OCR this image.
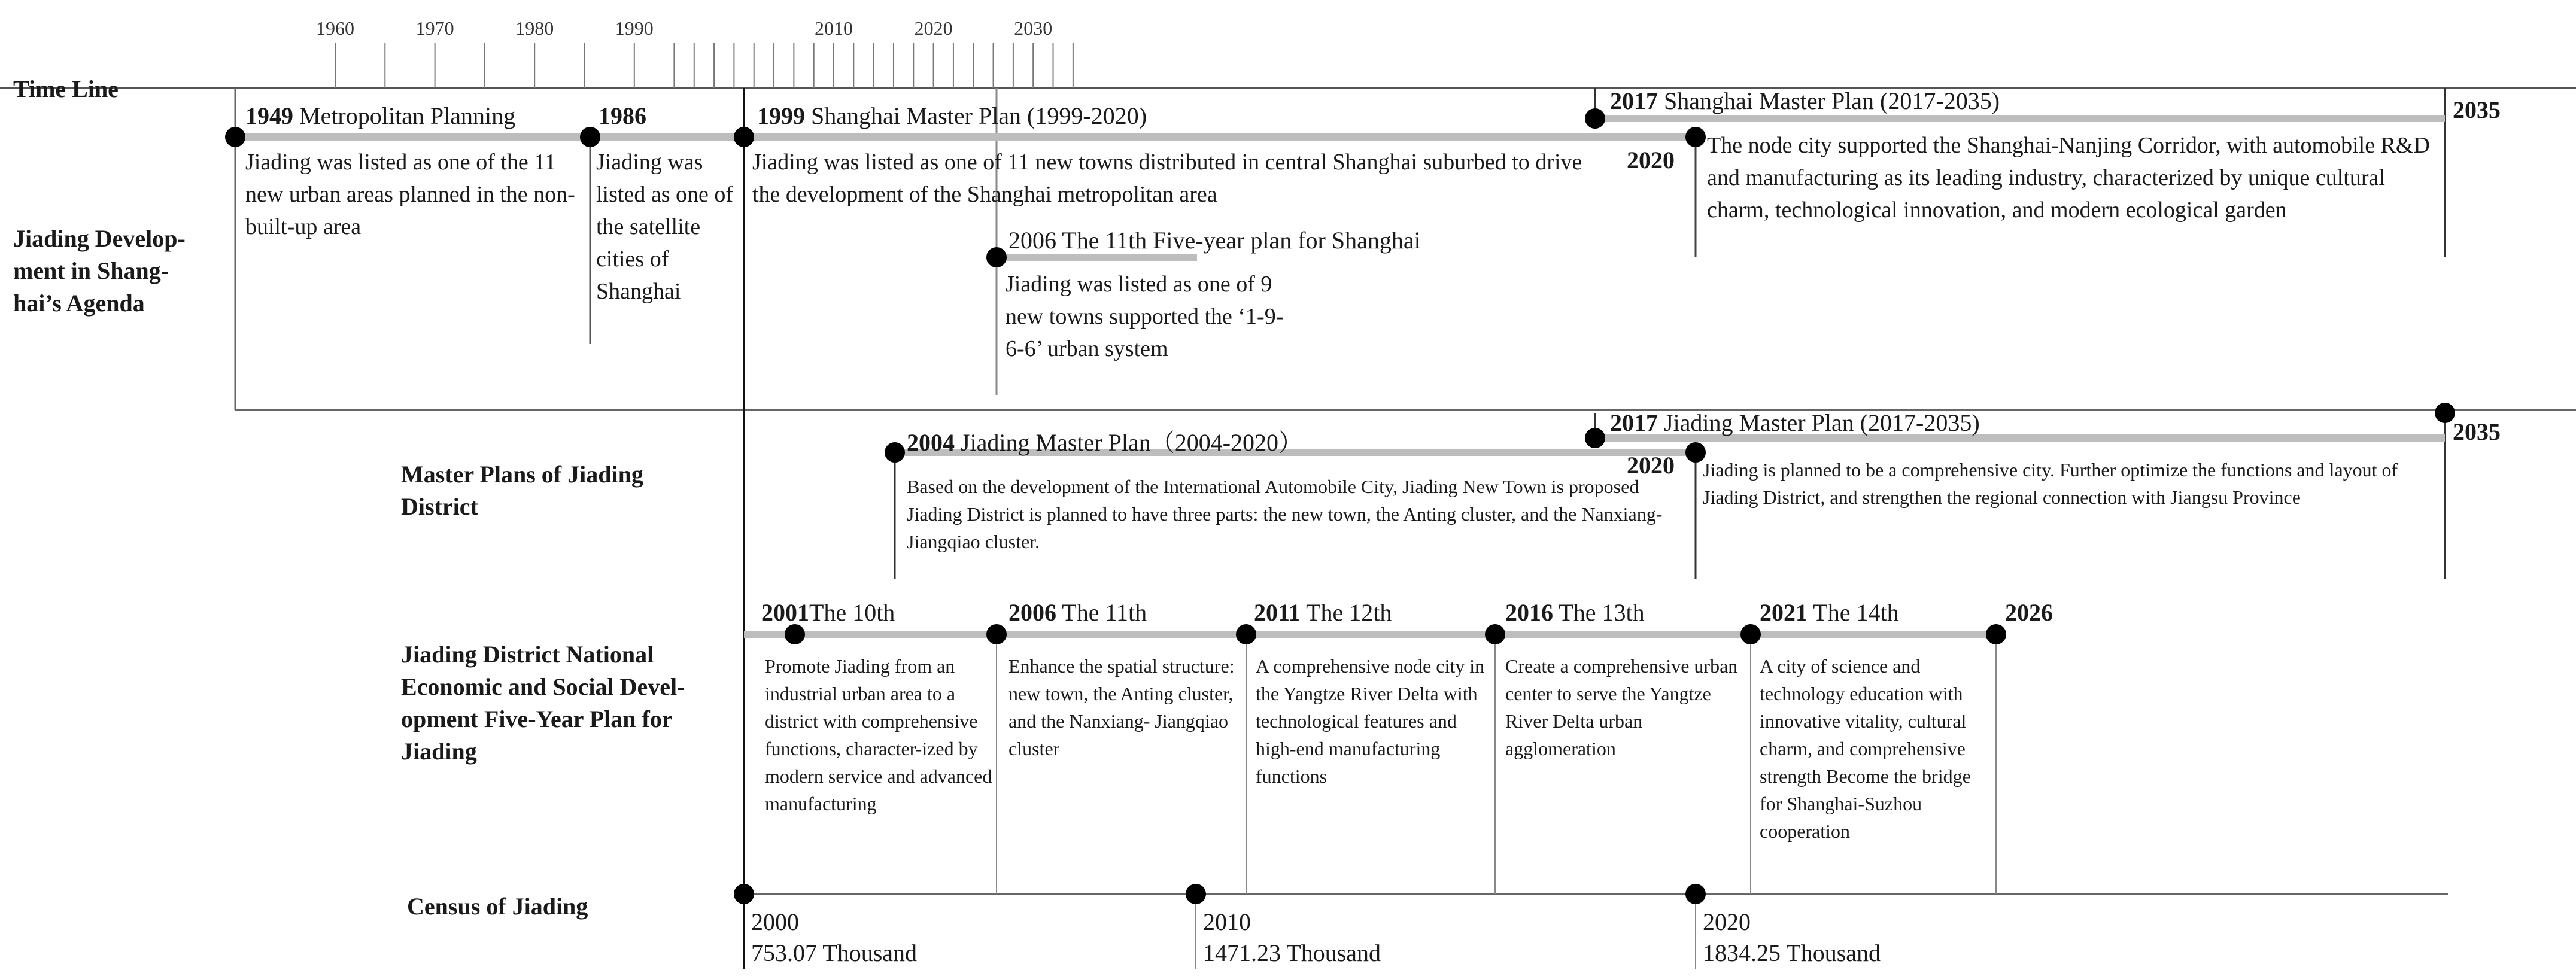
1960	1970	1980	1990	2010	2020	2030
Time Line
Jiading Develop-ment in Shang-hai’s Agenda
Master Plans of Jiading District
Jiading District National Economic and Social Devel-opment Five-Year Plan for Jiading
Census of Jiading
1949 Metropolitan Planning
Jiading was listed as one of the 11 new urban areas planned in the non-built-up area
1986
Jiading was listed as one of the satellite cities of Shanghai
1999 Shanghai Master Plan (1999-2020)
Jiading was listed as one of 11 new towns distributed in central Shanghai suburbed to drive the development of the Shanghai metropolitan area
2020
2006 The 11th Five-year plan for Shanghai
Jiading was listed as one of 9 new towns supported the ‘1-9-6-6’ urban system
2017 Shanghai Master Plan (2017-2035)	2035
The node city supported the Shanghai-Nanjing Corridor, with automobile R&D and manufacturing as its leading industry, characterized by unique cultural charm, technological innovation, and modern ecological garden
2004 Jiading Master Plan（2004-2020）
2020
Based on the development of the International Automobile City, Jiading New Town is proposed Jiading District is planned to have three parts: the new town, the Anting cluster, and the Nanxiang- Jiangqiao cluster.
2017 Jiading Master Plan (2017-2035)	2035
Jiading is planned to be a comprehensive city. Further optimize the functions and layout of Jiading District, and strengthen the regional connection with Jiangsu Province
2001The 10th
Promote Jiading from an industrial urban area to a district with comprehensive functions, character-ized by modern service and advanced manufacturing
2006 The 11th
Enhance the spatial structure: new town, the Anting cluster, and the Nanxiang- Jiangqiao cluster
2011 The 12th
A comprehensive node city in the Yangtze River Delta with technological features and high-end manufacturing functions
2016 The 13th
Create a comprehensive urban center to serve the Yangtze River Delta urban agglomeration
2021 The 14th
A city of science and technology education with innovative vitality, cultural charm, and comprehensive strength Become the bridge for Shanghai-Suzhou cooperation
2026
2000
753.07 Thousand
2010
1471.23 Thousand
2020
1834.25 Thousand
